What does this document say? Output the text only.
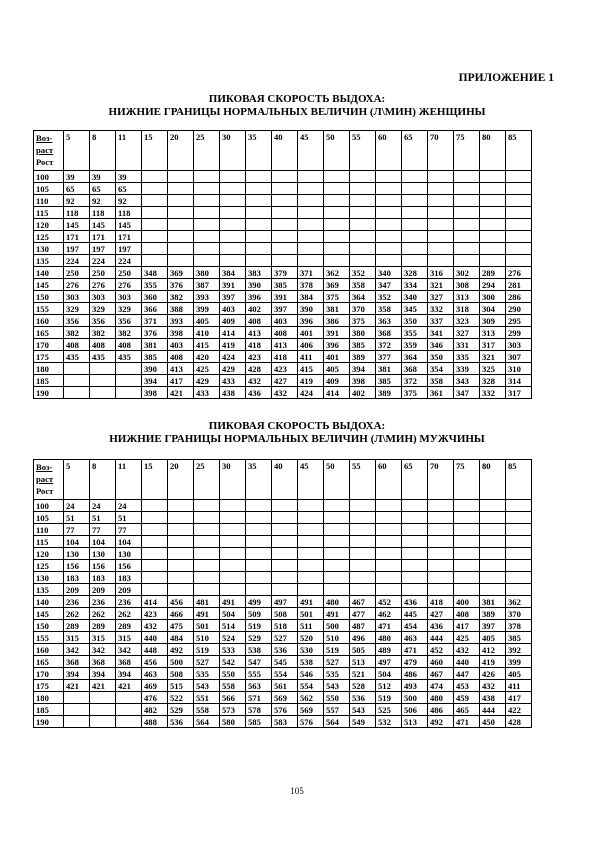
ПРИЛОЖЕНИЕ 1
ПИКОВАЯ СКОРОСТЬ ВЫДОХА:
НИЖНИЕ ГРАНИЦЫ НОРМАЛЬНЫХ ВЕЛИЧИН (Л\МИН) ЖЕНЩИНЫ
Воз-
раст
Рост	5	8	11	15	20	25	30	35	40	45	50	55	60	65	70	75	80	85
100	39	39	39															
105	65	65	65															
110	92	92	92															
115	118	118	118															
120	145	145	145															
125	171	171	171															
130	197	197	197															
135	224	224	224															
140	250	250	250	348	369	380	384	383	379	371	362	352	340	328	316	302	289	276
145	276	276	276	355	376	387	391	390	385	378	369	358	347	334	321	308	294	281
150	303	303	303	360	382	393	397	396	391	384	375	364	352	340	327	313	300	286
155	329	329	329	366	388	399	403	402	397	390	381	370	358	345	332	318	304	290
160	356	356	356	371	393	405	409	408	403	396	386	375	363	350	337	323	309	295
165	382	382	382	376	398	410	414	413	408	401	391	380	368	355	341	327	313	299
170	408	408	408	381	403	415	419	418	413	406	396	385	372	359	346	331	317	303
175	435	435	435	385	408	420	424	423	418	411	401	389	377	364	350	335	321	307
180				390	413	425	429	428	423	415	405	394	381	368	354	339	325	310
185				394	417	429	433	432	427	419	409	398	385	372	358	343	328	314
190				398	421	433	438	436	432	424	414	402	389	375	361	347	332	317
ПИКОВАЯ СКОРОСТЬ ВЫДОХА:
НИЖНИЕ ГРАНИЦЫ НОРМАЛЬНЫХ ВЕЛИЧИН (Л\МИН) МУЖЧИНЫ
Воз-
раст
Рост	5	8	11	15	20	25	30	35	40	45	50	55	60	65	70	75	80	85
100	24	24	24															
105	51	51	51															
110	77	77	77															
115	104	104	104															
120	130	130	130															
125	156	156	156															
130	183	183	183															
135	209	209	209															
140	236	236	236	414	456	481	491	499	497	491	480	467	452	436	418	400	381	362
145	262	262	262	423	466	491	504	509	508	501	491	477	462	445	427	408	389	370
150	289	289	289	432	475	501	514	519	518	511	500	487	471	454	436	417	397	378
155	315	315	315	440	484	510	524	529	527	520	510	496	480	463	444	425	405	385
160	342	342	342	448	492	519	533	538	536	530	519	505	489	471	452	432	412	392
165	368	368	368	456	500	527	542	547	545	538	527	513	497	479	460	440	419	399
170	394	394	394	463	508	535	550	555	554	546	535	521	504	486	467	447	426	405
175	421	421	421	469	515	543	558	563	561	554	543	528	512	493	474	453	432	411
180				476	522	551	566	571	569	562	550	536	519	500	480	459	438	417
185				482	529	558	573	578	576	569	557	543	525	506	486	465	444	422
190				488	536	564	580	585	583	576	564	549	532	513	492	471	450	428
105
